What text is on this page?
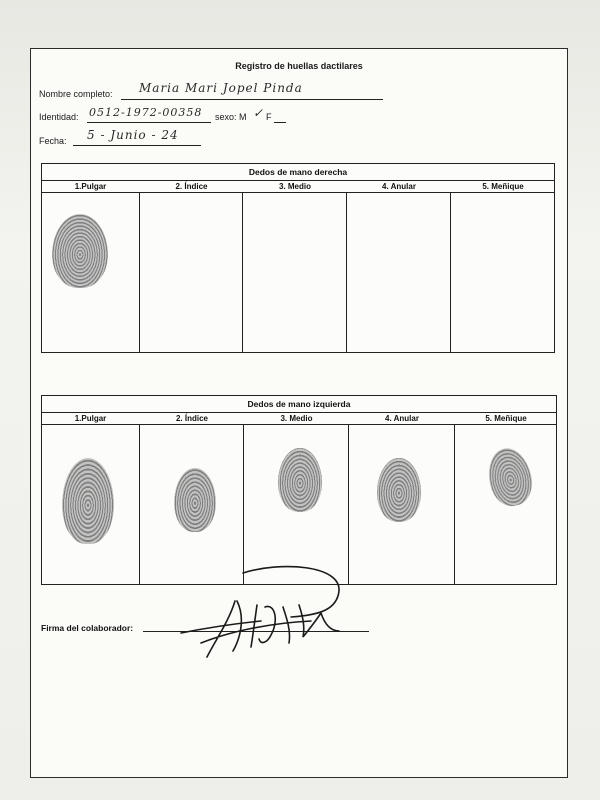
Registro de huellas dactilares
Nombre completo: Maria Mari Jopel Pinda
Identidad: 0512-1972-00358 sexo: M ✓ F
Fecha: 5 - Junio - 24
Dedos de mano derecha
1.Pulgar	2. Índice	3. Medio	4. Anular	5. Meñique
Dedos de mano izquierda
1.Pulgar	2. Índice	3. Medio	4. Anular	5. Meñique
Firma del colaborador:
